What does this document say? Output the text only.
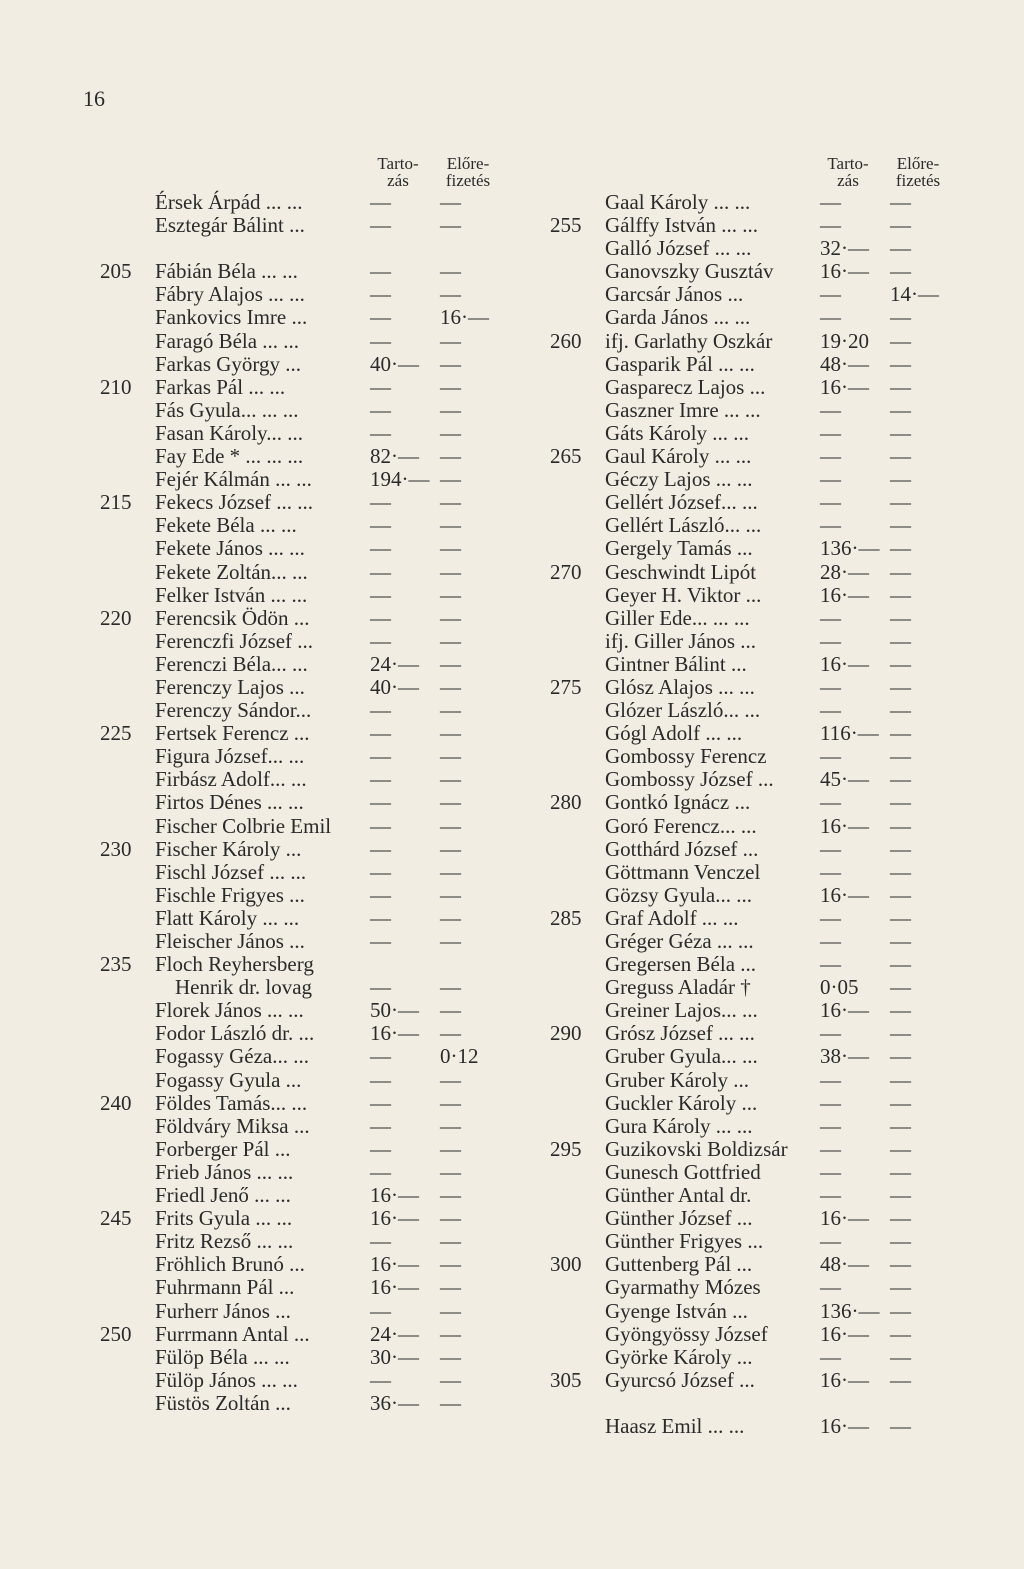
16
Tarto-
zás
Előre-
fizetés
Érsek Árpád ... ...	—	—
Esztegár Bálint ...	—	—
205	Fábián Béla ... ...	—	—
Fábry Alajos ... ...	—	—
Fankovics Imre ...	—	16·—
Faragó Béla ... ...	—	—
Farkas György ...	40·—	—
210	Farkas Pál ... ...	—	—
Fás Gyula... ... ...	—	—
Fasan Károly... ...	—	—
Fay Ede * ... ... ...	82·—	—
Fejér Kálmán ... ...	194·— —
215	Fekecs József ... ...	—	—
Fekete Béla ... ...	—	—
Fekete János ... ...	—	—
Fekete Zoltán... ...	—	—
Felker István ... ...	—	—
220	Ferencsik Ödön ...	—	—
Ferenczfi József ...	—	—
Ferenczi Béla... ...	24·—	—
Ferenczy Lajos ...	40·—	—
Ferenczy Sándor...	—	—
225	Fertsek Ferencz ...	—	—
Figura József... ...	—	—
Firbász Adolf... ...	—	—
Firtos Dénes ... ...	—	—
Fischer Colbrie Emil —	—
230	Fischer Károly ...	—	—
Fischl József ... ...	—	—
Fischle Frigyes ...	—	—
Flatt Károly ... ...	—	—
Fleischer János ...	—	—
235	Floch Reyhersberg
Henrik dr. lovag	—	—
Florek János ... ...	50·—	—
Fodor László dr. ...	16·—	—
Fogassy Géza... ...	—	0·12
Fogassy Gyula ...	—	—
240	Földes Tamás... ...	—	—
Földváry Miksa ...	—	—
Forberger Pál ...	—	—
Frieb János ... ...	—	—
Friedl Jenő ... ...	16·—	—
245	Frits Gyula ... ...	16·—	—
Fritz Rezső ... ...	—	—
Fröhlich Brunó ...	16·—	—
Fuhrmann Pál ...	16·—	—
Furherr János ...	—	—
250	Furrmann Antal ...	24·—	—
Fülöp Béla ... ...	30·—	—
Fülöp János ... ...	—	—
Füstös Zoltán ...	36·—	—
Tarto-
zás
Előre-
fizetés
Gaal Károly ... ...	—	—
255	Gálffy István ... ...	—	—
Galló József ... ...	32·—	—
Ganovszky Gusztáv 16·—	—
Garcsár János ...	—	14·—
Garda János ... ...	—	—
260	ifj. Garlathy Oszkár 19·20	—
Gasparik Pál ... ...	48·—	—
Gasparecz Lajos ...	16·—	—
Gaszner Imre ... ...	—	—
Gáts Károly ... ...	—	—
265	Gaul Károly ... ...	—	—
Géczy Lajos ... ...	—	—
Gellért József... ...	—	—
Gellért László... ...	—	—
Gergely Tamás ...	136·— —
270	Geschwindt Lipót	28·—	—
Geyer H. Viktor ...	16·—	—
Giller Ede... ... ...	—	—
ifj. Giller János ...	—	—
Gintner Bálint ...	16·—	—
275	Glósz Alajos ... ...	—	—
Glózer László... ...	—	—
Gógl Adolf ... ...	116·— —
Gombossy Ferencz	—	—
Gombossy József ... 45·—	—
280	Gontkó Ignácz ...	—	—
Goró Ferencz... ...	16·—	—
Gotthárd József ...	—	—
Göttmann Venczel	—	—
Gözsy Gyula... ...	16·—	—
285	Graf Adolf ... ...	—	—
Gréger Géza ... ...	—	—
Gregersen Béla ...	—	—
Greguss Aladár †	0·05	—
Greiner Lajos... ...	16·—	—
290	Grósz József ... ...	—	—
Gruber Gyula... ...	38·—	—
Gruber Károly ...	—	—
Guckler Károly ...	—	—
Gura Károly ... ...	—	—
295	Guzikovski Boldizsár —	—
Gunesch Gottfried	—	—
Günther Antal dr.	—	—
Günther József ...	16·—	—
Günther Frigyes ...	—	—
300	Guttenberg Pál ...	48·—	—
Gyarmathy Mózes	—	—
Gyenge István ...	136·— —
Gyöngyössy József 16·—	—
Györke Károly ...	—	—
305	Gyurcsó József ...	16·—	—
Haasz Emil ... ...	16·—	—
